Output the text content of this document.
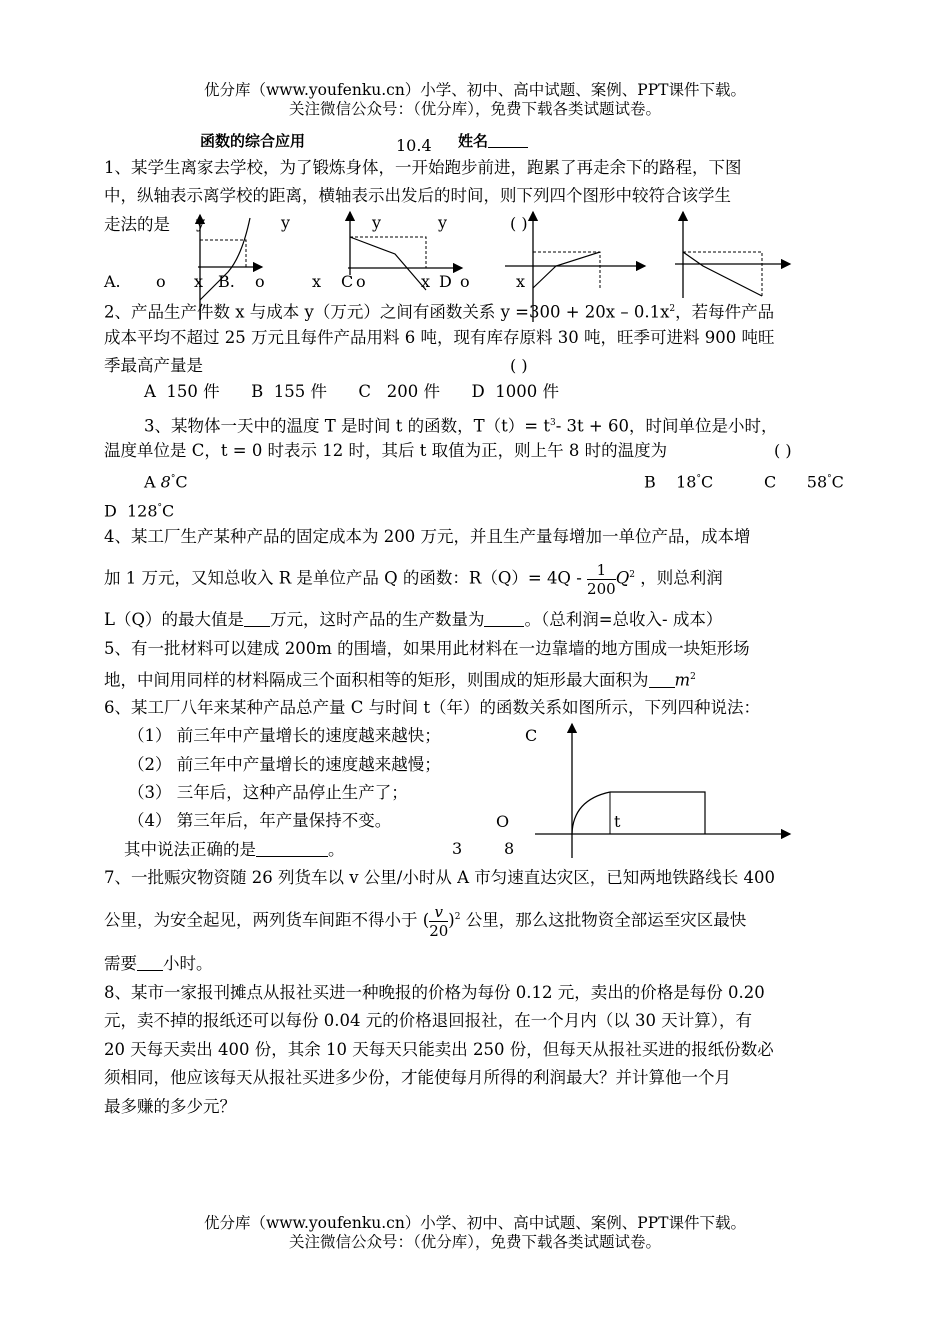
优分库（www.youfenku.cn）小学、初中、高中试题、案例、PPT课件下载。
关注微信公众号：（优分库），免费下载各类试题试卷。
函数的综合应用	10.4 姓名
1、某学生离家去学校，为了锻炼身体，一开始跑步前进，跑累了再走余下的路程，下图
中，纵轴表示离学校的距离，横轴表示出发后的时间，则下列四个图形中较符合该学生
走法的是	( )
y	y	y	y
A. o x B. o	x C o	x D o	x
2、产品生产件数 x 与成本 y（万元）之间有函数关系 $y =300 + 20x - 0.1x^2$，若每件产品
成本平均不超过 25 万元且每件产品用料 6 吨，现有库存原料 30 吨，旺季可进料 900 吨旺
季最高产量是	( )
A  150 件      B  155 件      C   200 件      D  1000 件
3、某物体一天中的温度 T 是时间 t 的函数，$T(t)= t^3-$ 3t + 60，时间单位是小时，
温度单位是 C，t = 0 时表示 12 时，其后 t 取值为正，则上午 8 时的温度为	( )
A 8°C	B    18°C	C      58°C
D  128°C
4、某工厂生产某种产品的固定成本为 200 万元，并且生产量每增加一单位产品，成本增
加 1 万元，又知总收入 R 是单位产品 Q 的函数：$R(Q)= 4Q - \frac{1}{200} Q^2$ ，则总利润
L（Q）的最大值是 万元，这时产品的生产数量为 。（总利润=总收入- 成本）
5、有一批材料可以建成 200m 的围墙，如果用此材料在一边靠墙的地方围成一块矩形场
地，中间用同样的材料隔成三个面积相等的矩形，则围成的矩形最大面积为 $m^2$
6、某工厂八年来某种产品总产量 C 与时间 t（年）的函数关系如图所示，下列四种说法：
（1） 前三年中产量增长的速度越来越快；
（2） 前三年中产量增长的速度越来越慢；
（3） 三年后，这种产品停止生产了；
（4） 第三年后，年产量保持不变。
其中说法正确的是	。
C
O	t
3	8
7、一批赈灾物资随 26 列货车以 v 公里/小时从 A 市匀速直达灾区，已知两地铁路线长 400
公里，为安全起见，两列货车间距不得小于 ( $\frac{v}{20} )^2$ 公里，那么这批物资全部运至灾区最快
需要 小时。
8、某市一家报刊摊点从报社买进一种晚报的价格为每份 0.12 元，卖出的价格是每份 0.20
元，卖不掉的报纸还可以每份 0.04 元的价格退回报社，在一个月内（以 30 天计算），有
20 天每天卖出 400 份，其余 10 天每天只能卖出 250 份，但每天从报社买进的报纸份数必
须相同，他应该每天从报社买进多少份，才能使每月所得的利润最大？并计算他一个月
最多赚的多少元？
优分库（www.youfenku.cn）小学、初中、高中试题、案例、PPT课件下载。
关注微信公众号：（优分库），免费下载各类试题试卷。
